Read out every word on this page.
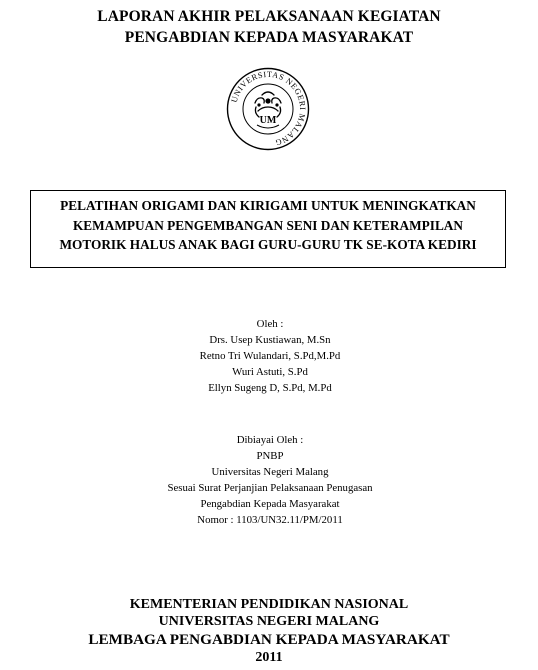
LAPORAN AKHIR PELAKSANAAN KEGIATAN
PENGABDIAN KEPADA MASYARAKAT
UNIVERSITAS NEGERI MALANG
UM
PELATIHAN ORIGAMI DAN KIRIGAMI UNTUK MENINGKATKAN
KEMAMPUAN PENGEMBANGAN SENI DAN KETERAMPILAN
MOTORIK HALUS ANAK BAGI GURU-GURU TK SE-KOTA KEDIRI
Oleh :
Drs. Usep Kustiawan, M.Sn
Retno Tri Wulandari, S.Pd,M.Pd
Wuri Astuti, S.Pd
Ellyn Sugeng D, S.Pd, M.Pd
Dibiayai Oleh :
PNBP
Universitas Negeri Malang
Sesuai Surat Perjanjian Pelaksanaan Penugasan
Pengabdian Kepada Masyarakat
Nomor : 1103/UN32.11/PM/2011
KEMENTERIAN PENDIDIKAN NASIONAL
UNIVERSITAS NEGERI MALANG
LEMBAGA PENGABDIAN KEPADA MASYARAKAT
2011
